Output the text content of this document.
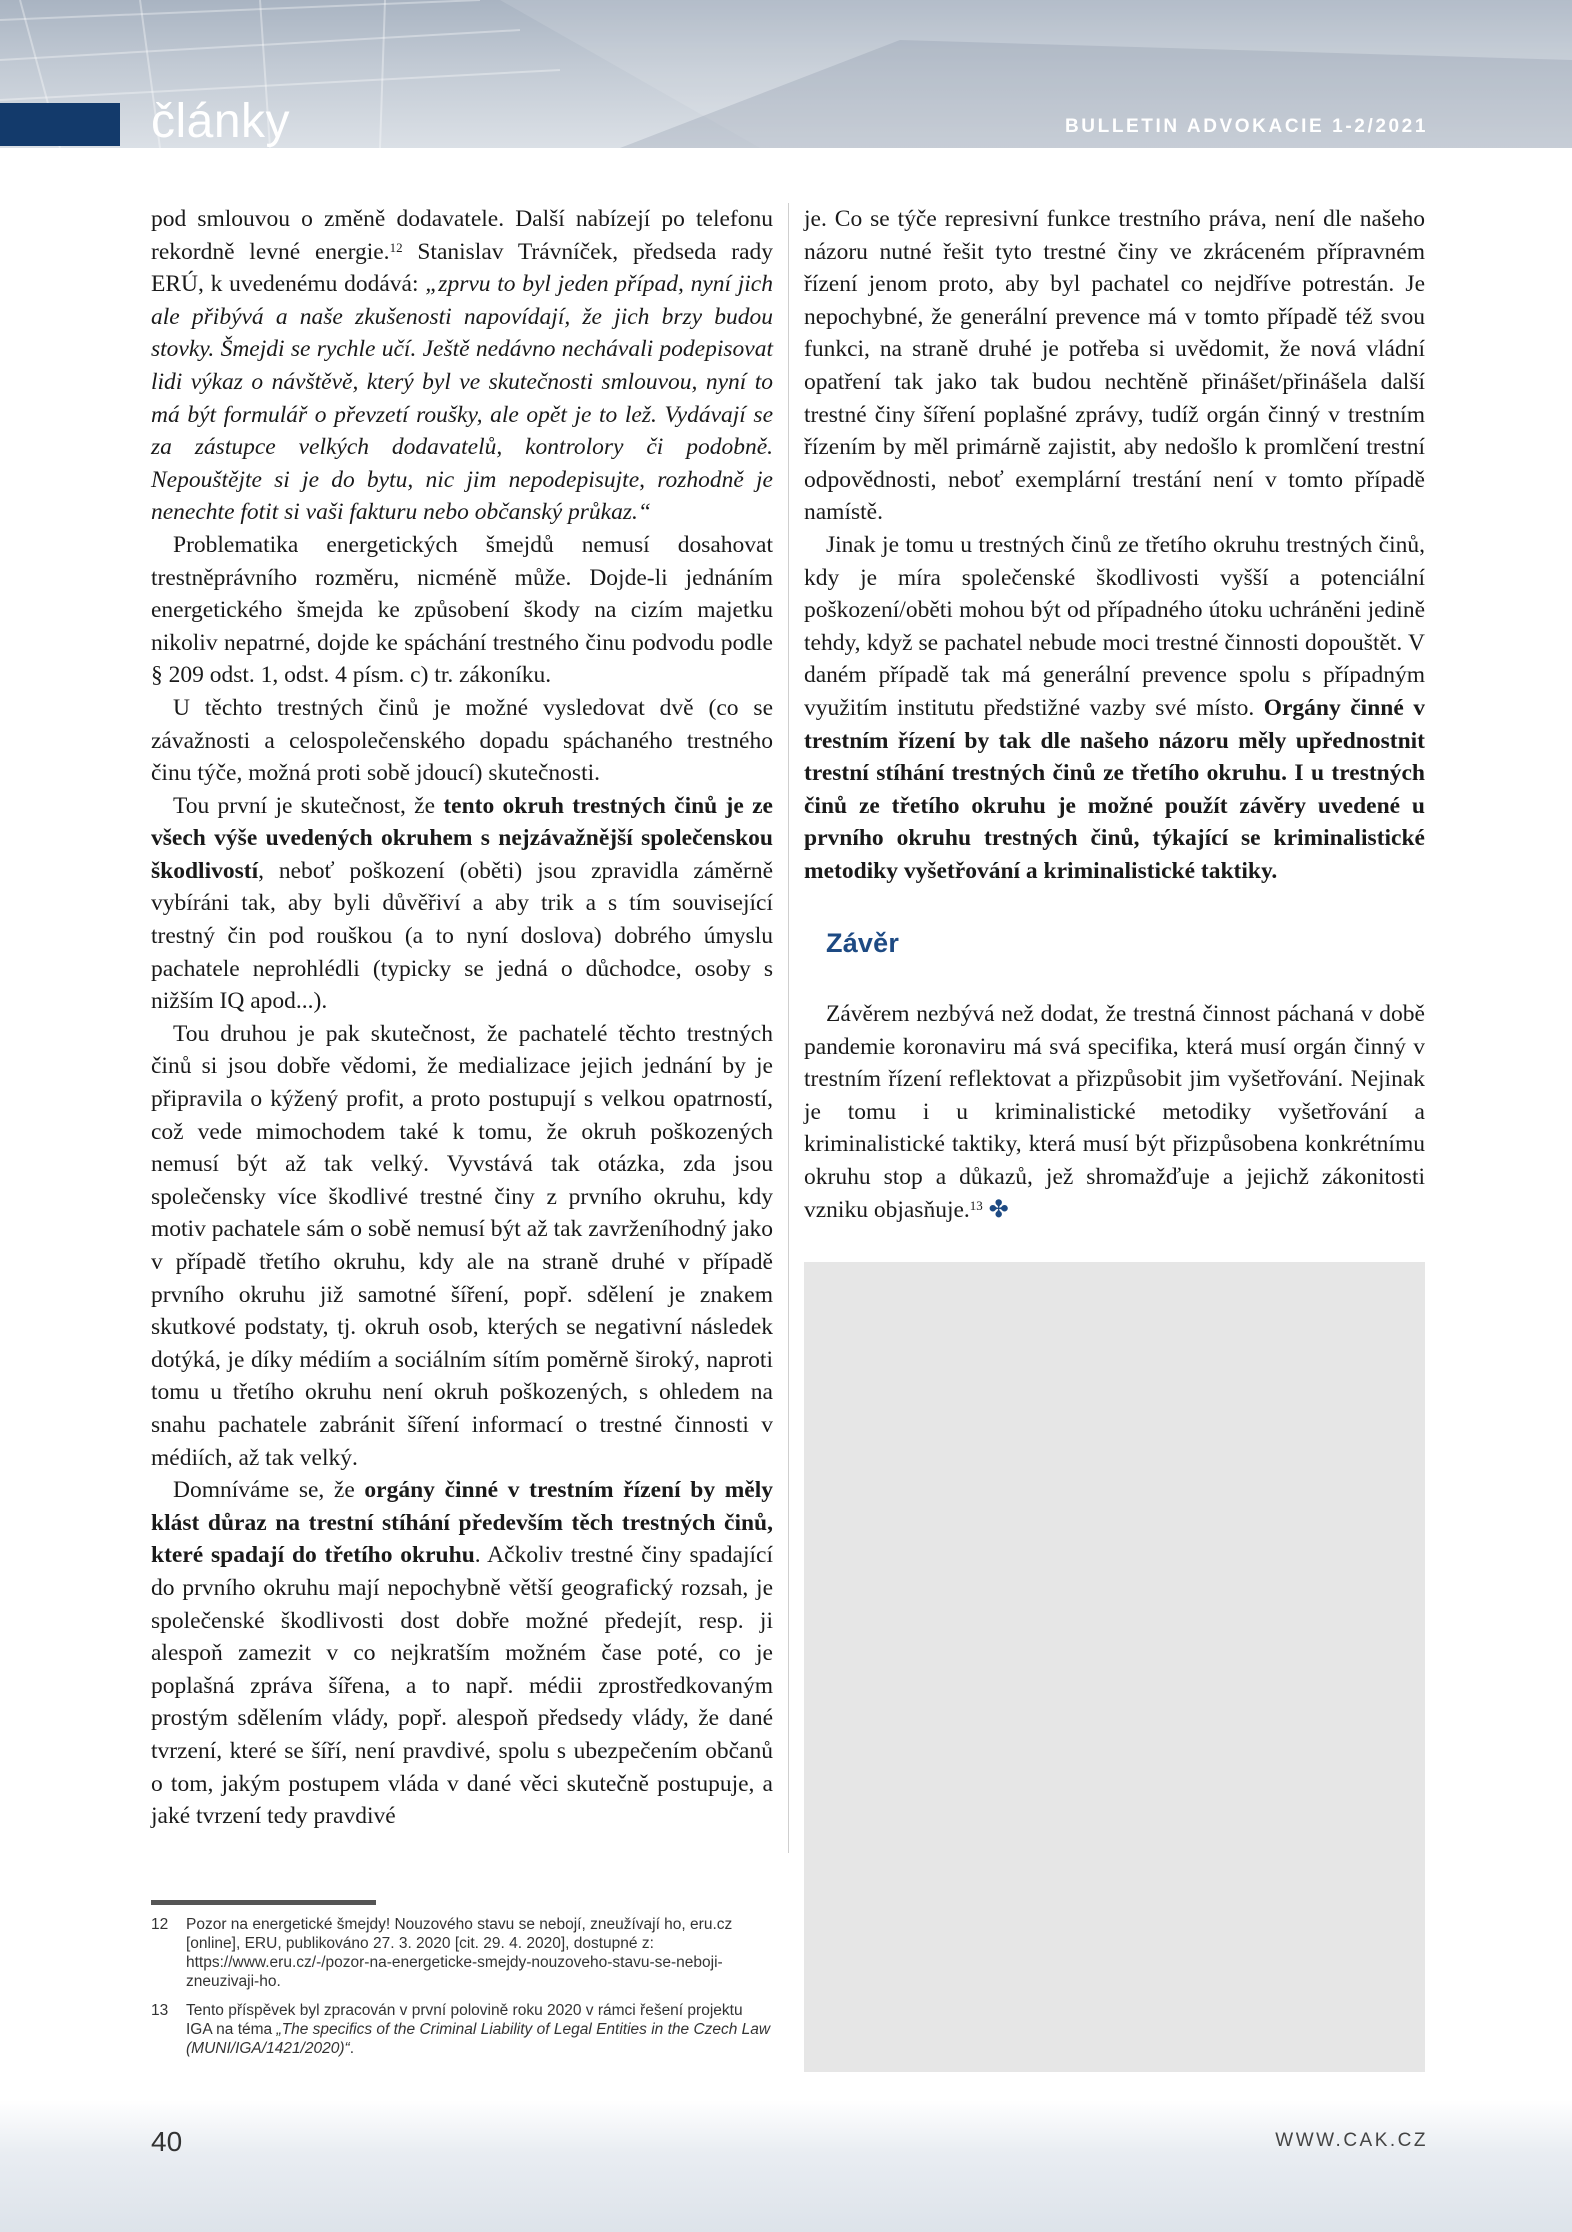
články	BULLETIN ADVOKACIE 1-2/2021

pod smlouvou o změně dodavatele. Další nabízejí po telefonu rekordně levné energie.$^{12}$ Stanislav Trávníček, předseda rady ERÚ, k uvedenému dodává: „zprvu to byl jeden případ, nyní jich ale přibývá a naše zkušenosti napovídají, že jich brzy budou stovky. Šmejdi se rychle učí. Ještě nedávno nechávali podepisovat lidi výkaz o návštěvě, který byl ve skutečnosti smlouvou, nyní to má být formulář o převzetí roušky, ale opět je to lež. Vydávají se za zástupce velkých dodavatelů, kontrolory či podobně. Nepouštějte si je do bytu, nic jim nepodepisujte, rozhodně je nenechte fotit si vaši fakturu nebo občanský průkaz.“

Problematika energetických šmejdů nemusí dosahovat trestněprávního rozměru, nicméně může. Dojde-li jednáním energetického šmejda ke způsobení škody na cizím majetku nikoliv nepatrné, dojde ke spáchání trestného činu podvodu podle § 209 odst. 1, odst. 4 písm. c) tr. zákoníku.

U těchto trestných činů je možné vysledovat dvě (co se závažnosti a celospolečenského dopadu spáchaného trestného činu týče, možná proti sobě jdoucí) skutečnosti.

Tou první je skutečnost, že tento okruh trestných činů je ze všech výše uvedených okruhem s nejzávažnější společenskou škodlivostí, neboť poškození (oběti) jsou zpravidla záměrně vybíráni tak, aby byli důvěřiví a aby trik a s tím související trestný čin pod rouškou (a to nyní doslova) dobrého úmyslu pachatele neprohlédli (typicky se jedná o důchodce, osoby s nižším IQ apod...).

Tou druhou je pak skutečnost, že pachatelé těchto trestných činů si jsou dobře vědomi, že medializace jejich jednání by je připravila o kýžený profit, a proto postupují s velkou opatrností, což vede mimochodem také k tomu, že okruh poškozených nemusí být až tak velký. Vyvstává tak otázka, zda jsou společensky více škodlivé trestné činy z prvního okruhu, kdy motiv pachatele sám o sobě nemusí být až tak zavrženíhodný jako v případě třetího okruhu, kdy ale na straně druhé v případě prvního okruhu již samotné šíření, popř. sdělení je znakem skutkové podstaty, tj. okruh osob, kterých se negativní následek dotýká, je díky médiím a sociálním sítím poměrně široký, naproti tomu u třetího okruhu není okruh poškozených, s ohledem na snahu pachatele zabránit šíření informací o trestné činnosti v médiích, až tak velký.

Domníváme se, že orgány činné v trestním řízení by měly klást důraz na trestní stíhání především těch trestných činů, které spadají do třetího okruhu. Ačkoliv trestné činy spadající do prvního okruhu mají nepochybně větší geografický rozsah, je společenské škodlivosti dost dobře možné předejít, resp. ji alespoň zamezit v co nejkratším možném čase poté, co je poplašná zpráva šířena, a to např. médii zprostředkovaným prostým sdělením vlády, popř. alespoň předsedy vlády, že dané tvrzení, které se šíří, není pravdivé, spolu s ubezpečením občanů o tom, jakým postupem vláda v dané věci skutečně postupuje, a jaké tvrzení tedy pravdivé

je. Co se týče represivní funkce trestního práva, není dle našeho názoru nutné řešit tyto trestné činy ve zkráceném přípravném řízení jenom proto, aby byl pachatel co nejdříve potrestán. Je nepochybné, že generální prevence má v tomto případě též svou funkci, na straně druhé je potřeba si uvědomit, že nová vládní opatření tak jako tak budou nechtěně přinášet/přinášela další trestné činy šíření poplašné zprávy, tudíž orgán činný v trestním řízením by měl primárně zajistit, aby nedošlo k promlčení trestní odpovědnosti, neboť exemplární trestání není v tomto případě namístě.

Jinak je tomu u trestných činů ze třetího okruhu trestných činů, kdy je míra společenské škodlivosti vyšší a potenciální poškození/oběti mohou být od případného útoku uchráněni jedině tehdy, když se pachatel nebude moci trestné činnosti dopouštět. V daném případě tak má generální prevence spolu s případným využitím institutu předstižné vazby své místo. Orgány činné v trestním řízení by tak dle našeho názoru měly upřednostnit trestní stíhání trestných činů ze třetího okruhu. I u trestných činů ze třetího okruhu je možné použít závěry uvedené u prvního okruhu trestných činů, týkající se kriminalistické metodiky vyšetřování a kriminalistické taktiky.

Závěr

Závěrem nezbývá než dodat, že trestná činnost páchaná v době pandemie koronaviru má svá specifika, která musí orgán činný v trestním řízení reflektovat a přizpůsobit jim vyšetřování. Nejinak je tomu i u kriminalistické metodiky vyšetřování a kriminalistické taktiky, která musí být přizpůsobena konkrétnímu okruhu stop a důkazů, jež shromažďuje a jejichž zákonitosti vzniku objasňuje.$^{13}$ ✤

12	Pozor na energetické šmejdy! Nouzového stavu se nebojí, zneužívají ho, eru.cz [online], ERU, publikováno 27. 3. 2020 [cit. 29. 4. 2020], dostupné z: https://www.eru.cz/-/pozor-na-energeticke-smejdy-nouzoveho-stavu-se-neboji-zneuzivaji-ho.
13	Tento příspěvek byl zpracován v první polovině roku 2020 v rámci řešení projektu IGA na téma „The specifics of the Criminal Liability of Legal Entities in the Czech Law (MUNI/IGA/1421/2020)“.
40	WWW.CAK.CZ
